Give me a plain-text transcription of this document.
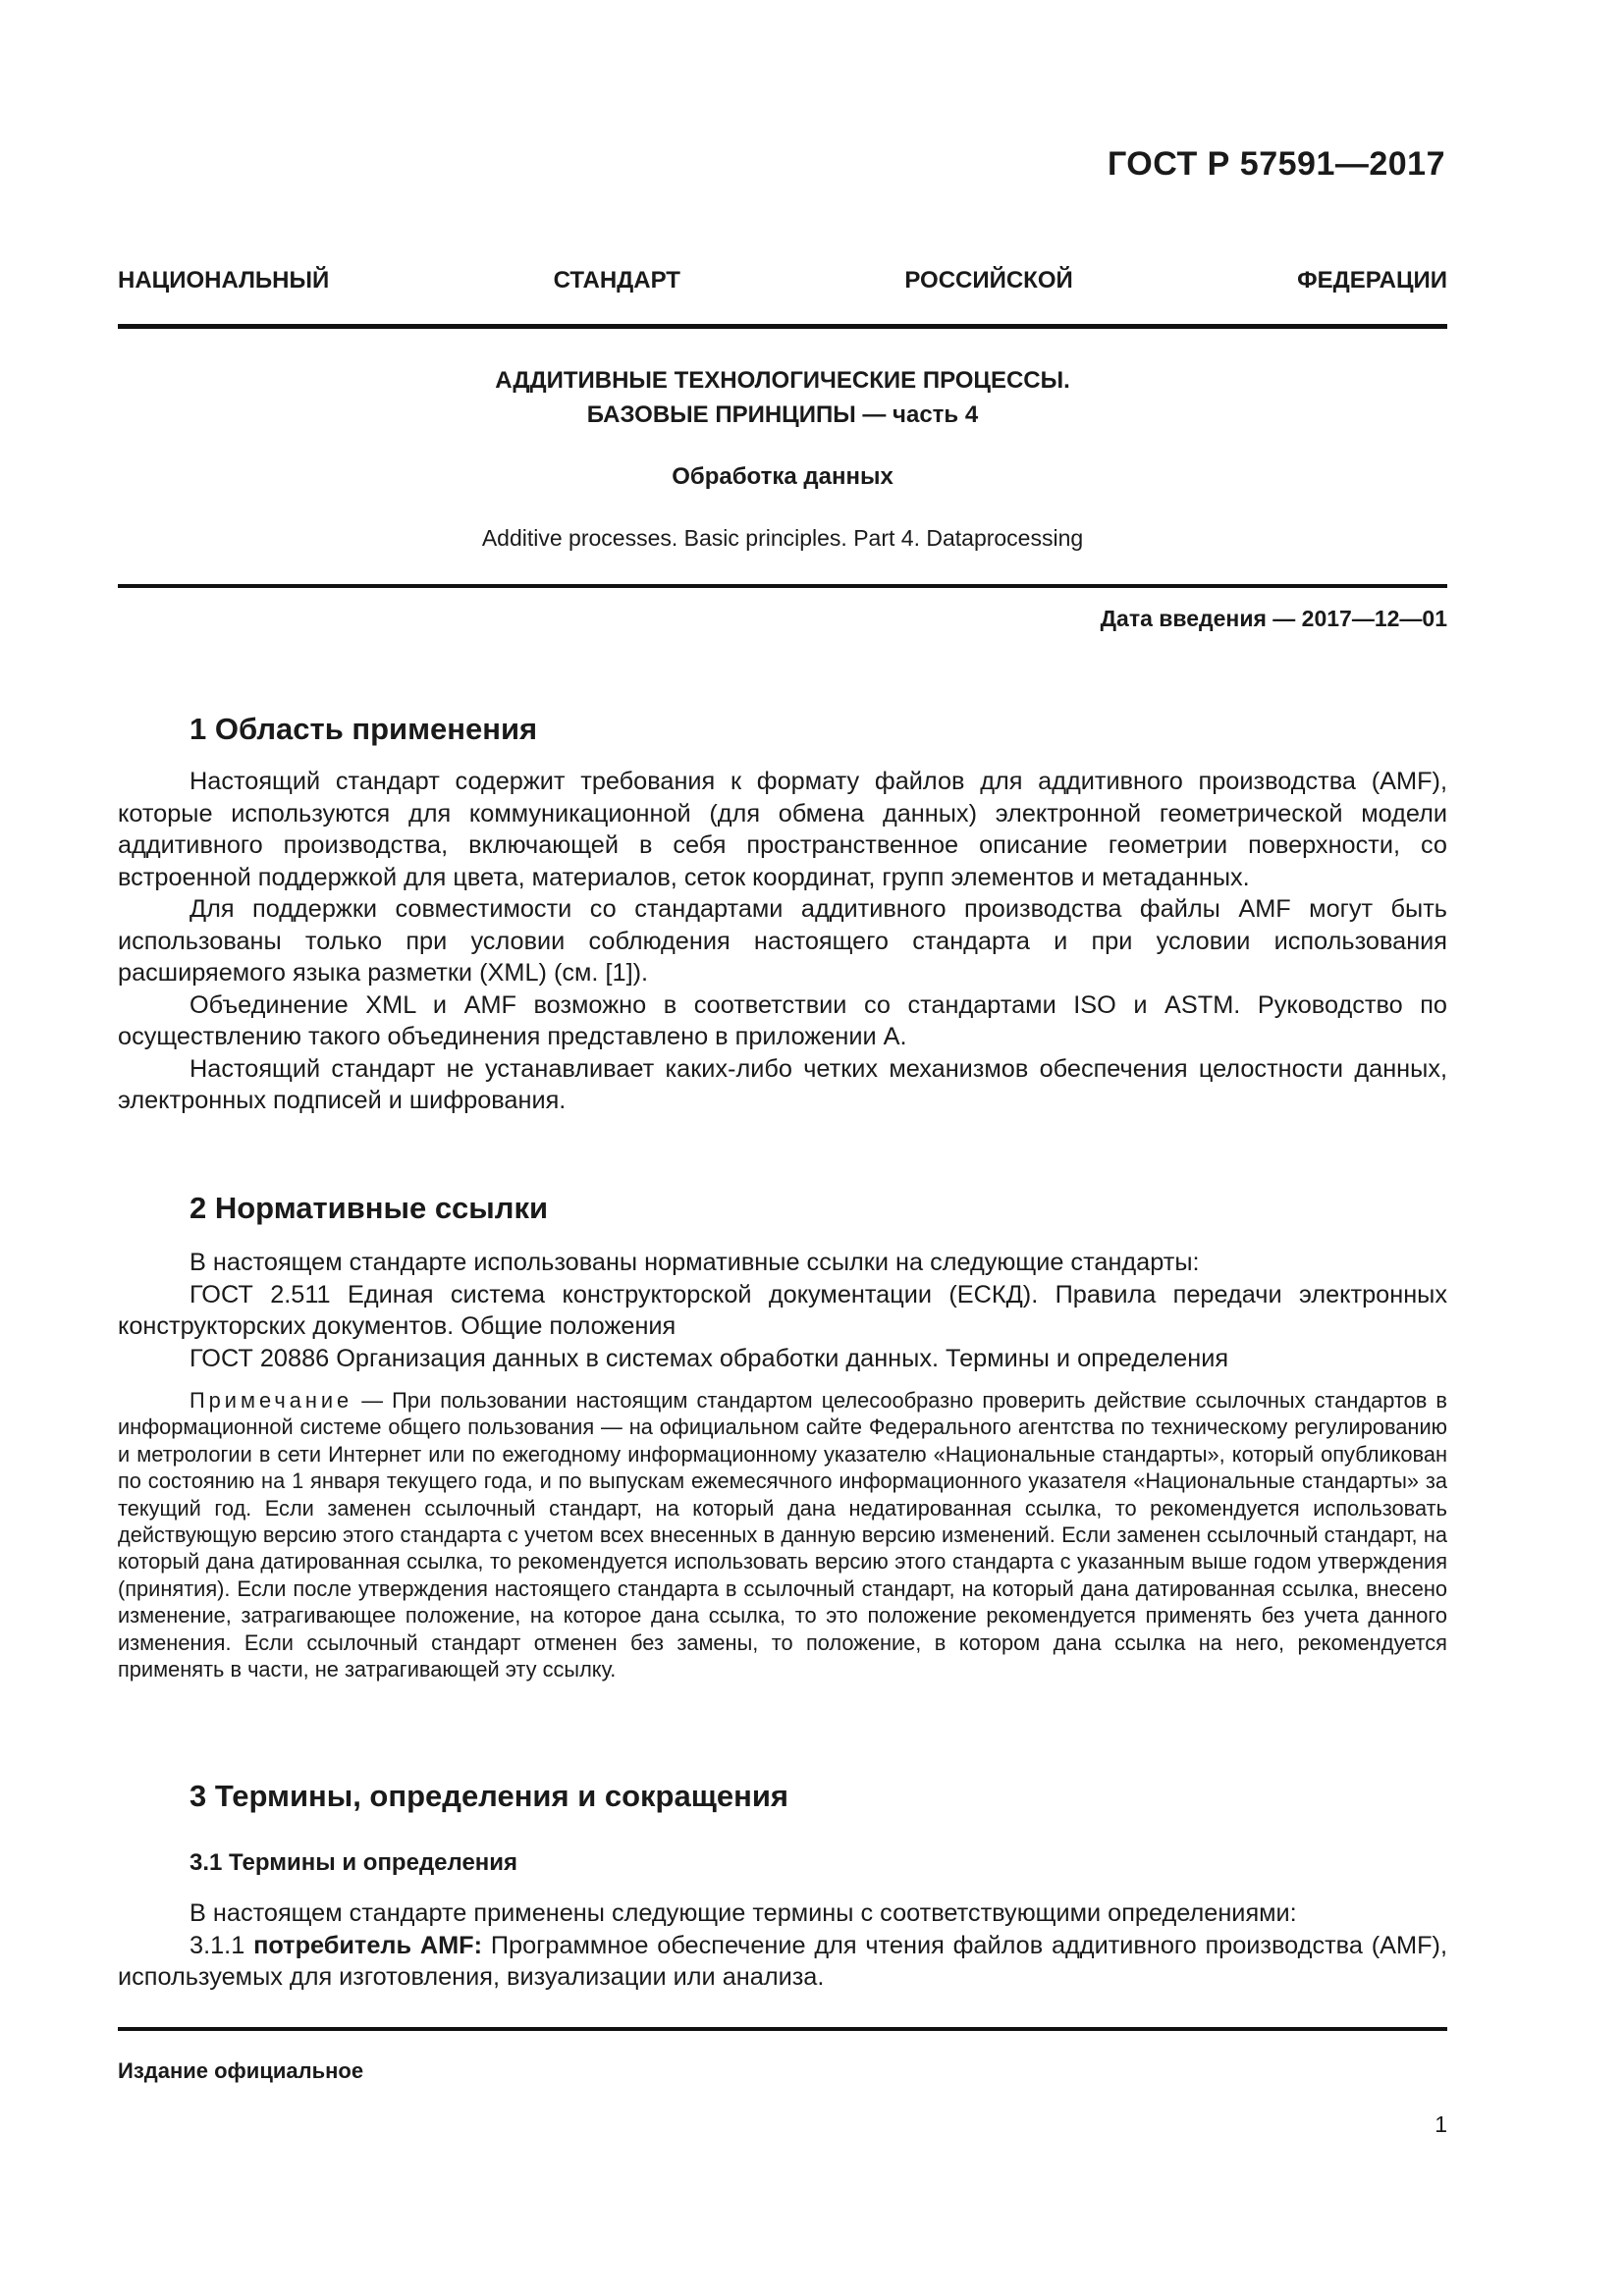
ГОСТ Р 57591—2017
НАЦИОНАЛЬНЫЙ СТАНДАРТ РОССИЙСКОЙ ФЕДЕРАЦИИ
АДДИТИВНЫЕ ТЕХНОЛОГИЧЕСКИЕ ПРОЦЕССЫ.
БАЗОВЫЕ ПРИНЦИПЫ — часть 4
Обработка данных
Additive processes. Basic principles. Part 4. Dataprocessing
Дата введения — 2017—12—01
1 Область применения

Настоящий стандарт содержит требования к формату файлов для аддитивного производства (AMF), которые используются для коммуникационной (для обмена данных) электронной геометрической модели аддитивного производства, включающей в себя пространственное описание геометрии поверхности, со встроенной поддержкой для цвета, материалов, сеток координат, групп элементов и метаданных.

Для поддержки совместимости со стандартами аддитивного производства файлы AMF могут быть использованы только при условии соблюдения настоящего стандарта и при условии использования расширяемого языка разметки (XML) (см. [1]).

Объединение XML и AMF возможно в соответствии со стандартами ISO и ASTM. Руководство по осуществлению такого объединения представлено в приложении А.

Настоящий стандарт не устанавливает каких-либо четких механизмов обеспечения целостности данных, электронных подписей и шифрования.

2 Нормативные ссылки

В настоящем стандарте использованы нормативные ссылки на следующие стандарты:

ГОСТ 2.511 Единая система конструкторской документации (ЕСКД). Правила передачи электронных конструкторских документов. Общие положения

ГОСТ 20886 Организация данных в системах обработки данных. Термины и определения

Примечание — При пользовании настоящим стандартом целесообразно проверить действие ссылочных стандартов в информационной системе общего пользования — на официальном сайте Федерального агентства по техническому регулированию и метрологии в сети Интернет или по ежегодному информационному указателю «Национальные стандарты», который опубликован по состоянию на 1 января текущего года, и по выпускам ежемесячного информационного указателя «Национальные стандарты» за текущий год. Если заменен ссылочный стандарт, на который дана недатированная ссылка, то рекомендуется использовать действующую версию этого стандарта с учетом всех внесенных в данную версию изменений. Если заменен ссылочный стандарт, на который дана датированная ссылка, то рекомендуется использовать версию этого стандарта с указанным выше годом утверждения (принятия). Если после утверждения настоящего стандарта в ссылочный стандарт, на который дана датированная ссылка, внесено изменение, затрагивающее положение, на которое дана ссылка, то это положение рекомендуется применять без учета данного изменения. Если ссылочный стандарт отменен без замены, то положение, в котором дана ссылка на него, рекомендуется применять в части, не затрагивающей эту ссылку.

3 Термины, определения и сокращения
3.1 Термины и определения

В настоящем стандарте применены следующие термины с соответствующими определениями:

3.1.1 потребитель AMF: Программное обеспечение для чтения файлов аддитивного производства (AMF), используемых для изготовления, визуализации или анализа.

Издание официальное
1
